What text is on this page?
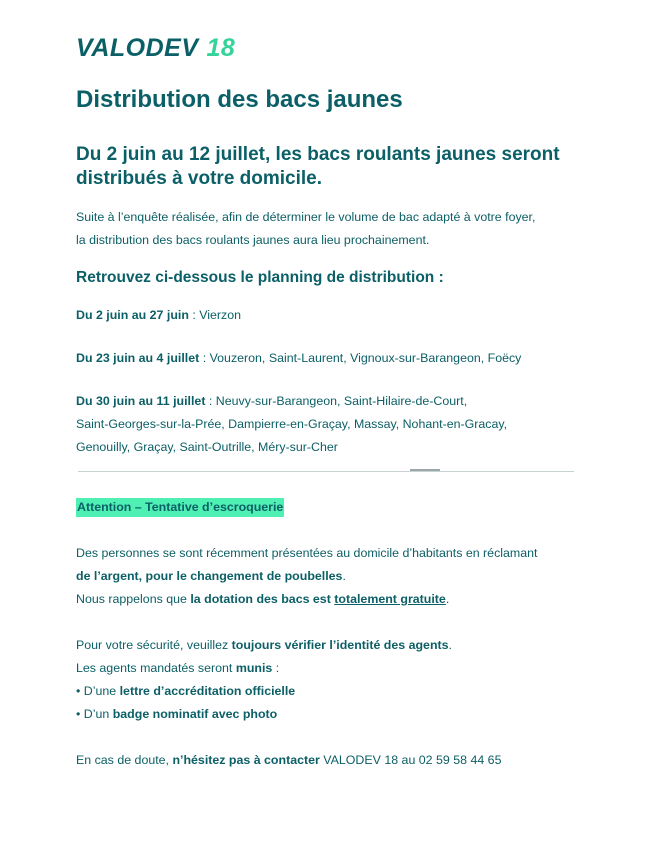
VALODEV 18
Distribution des bacs jaunes
Du 2 juin au 12 juillet, les bacs roulants jaunes seront distribués à votre domicile.

Suite à l’enquête réalisée, afin de déterminer le volume de bac adapté à votre foyer,
la distribution des bacs roulants jaunes aura lieu prochainement.

Retrouvez ci-dessous le planning de distribution :

Du 2 juin au 27 juin : Vierzon

Du 23 juin au 4 juillet : Vouzeron, Saint-Laurent, Vignoux-sur-Barangeon, Foëcy

Du 30 juin au 11 juillet : Neuvy-sur-Barangeon, Saint-Hilaire-de-Court,
Saint-Georges-sur-la-Prée, Dampierre-en-Graçay, Massay, Nohant-en-Gracay,
Genouilly, Graçay, Saint-Outrille, Méry-sur-Cher

Attention – Tentative d’escroquerie

Des personnes se sont récemment présentées au domicile d’habitants en réclamant
de l’argent, pour le changement de poubelles.
Nous rappelons que la dotation des bacs est totalement gratuite.

Pour votre sécurité, veuillez toujours vérifier l’identité des agents.
Les agents mandatés seront munis :
• D’une lettre d’accréditation officielle
• D’un badge nominatif avec photo

En cas de doute, n’hésitez pas à contacter VALODEV 18 au 02 59 58 44 65
